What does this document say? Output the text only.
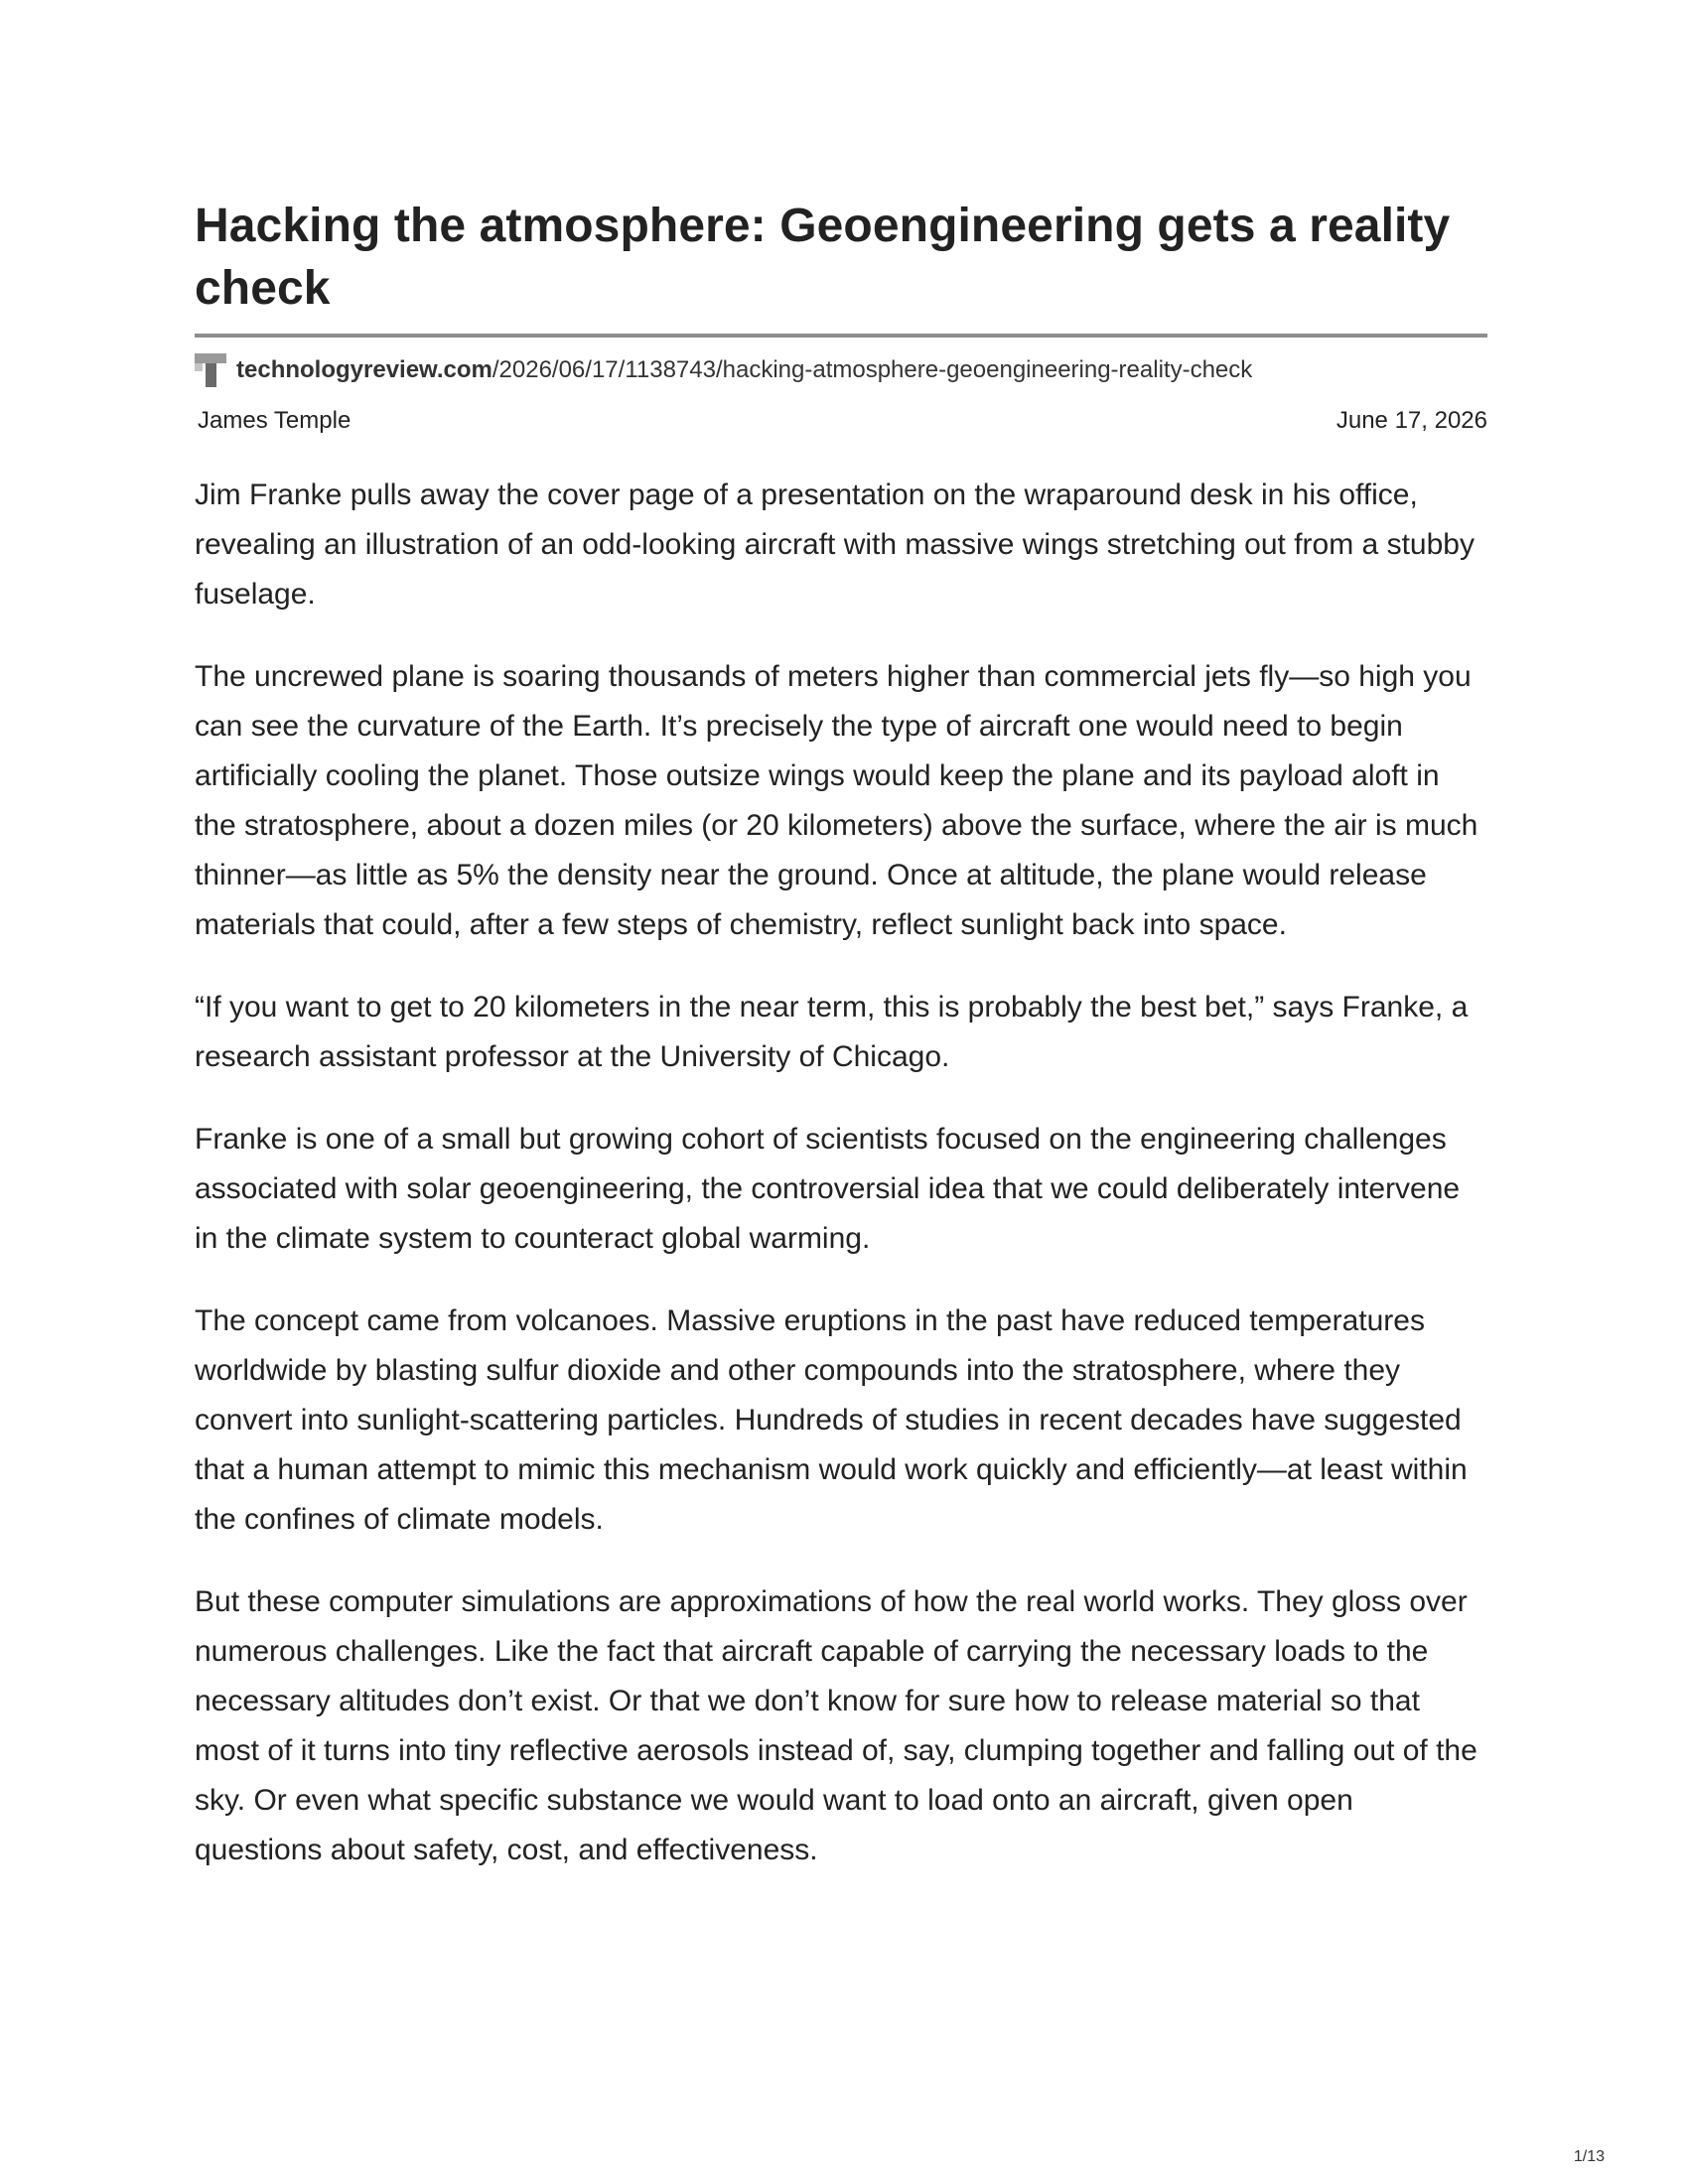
Hacking the atmosphere: Geoengineering gets a reality check
technologyreview.com/2026/06/17/1138743/hacking-atmosphere-geoengineering-reality-check
James Temple	June 17, 2026

Jim Franke pulls away the cover page of a presentation on the wraparound desk in his office, revealing an illustration of an odd-looking aircraft with massive wings stretching out from a stubby fuselage.

The uncrewed plane is soaring thousands of meters higher than commercial jets fly—so high you can see the curvature of the Earth. It’s precisely the type of aircraft one would need to begin artificially cooling the planet. Those outsize wings would keep the plane and its payload aloft in the stratosphere, about a dozen miles (or 20 kilometers) above the surface, where the air is much thinner—as little as 5% the density near the ground. Once at altitude, the plane would release materials that could, after a few steps of chemistry, reflect sunlight back into space.

“If you want to get to 20 kilometers in the near term, this is probably the best bet,” says Franke, a research assistant professor at the University of Chicago.

Franke is one of a small but growing cohort of scientists focused on the engineering challenges associated with solar geoengineering, the controversial idea that we could deliberately intervene in the climate system to counteract global warming.

The concept came from volcanoes. Massive eruptions in the past have reduced temperatures worldwide by blasting sulfur dioxide and other compounds into the stratosphere, where they convert into sunlight-scattering particles. Hundreds of studies in recent decades have suggested that a human attempt to mimic this mechanism would work quickly and efficiently—at least within the confines of climate models.

But these computer simulations are approximations of how the real world works. They gloss over numerous challenges. Like the fact that aircraft capable of carrying the necessary loads to the necessary altitudes don’t exist. Or that we don’t know for sure how to release material so that most of it turns into tiny reflective aerosols instead of, say, clumping together and falling out of the sky. Or even what specific substance we would want to load onto an aircraft, given open questions about safety, cost, and effectiveness.

1/13
